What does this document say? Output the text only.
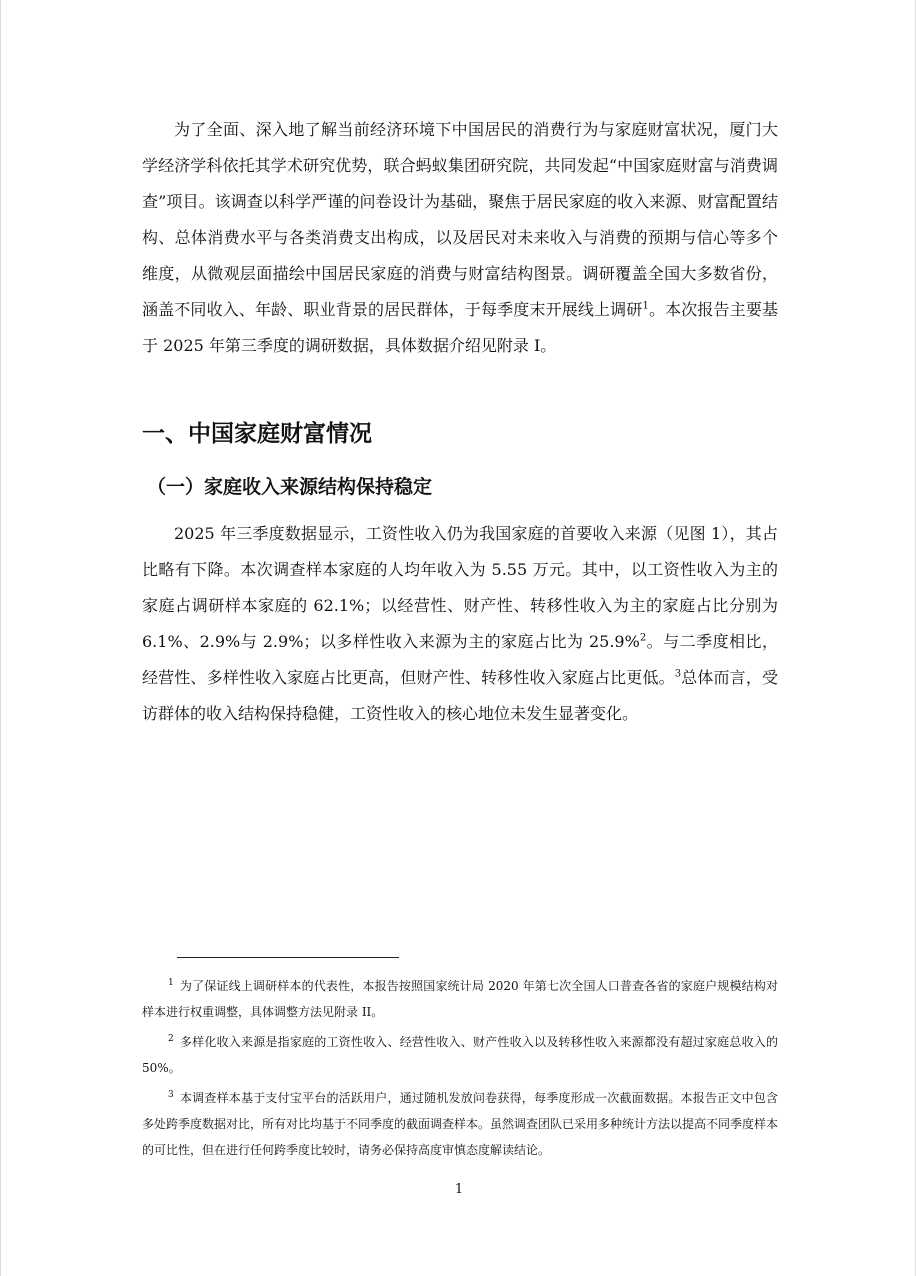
为了全面、深入地了解当前经济环境下中国居民的消费行为与家庭财富状况，厦门大学经济学科依托其学术研究优势，联合蚂蚁集团研究院，共同发起“中国家庭财富与消费调查”项目。该调查以科学严谨的问卷设计为基础，聚焦于居民家庭的收入来源、财富配置结构、总体消费水平与各类消费支出构成，以及居民对未来收入与消费的预期与信心等多个维度，从微观层面描绘中国居民家庭的消费与财富结构图景。调研覆盖全国大多数省份，涵盖不同收入、年龄、职业背景的居民群体，于每季度末开展线上调研$^1$。本次报告主要基于 2025 年第三季度的调研数据，具体数据介绍见附录 I。

一、中国家庭财富情况
（一）家庭收入来源结构保持稳定

2025 年三季度数据显示，工资性收入仍为我国家庭的首要收入来源（见图 1），其占比略有下降。本次调查样本家庭的人均年收入为 5.55 万元。其中，以工资性收入为主的家庭占调研样本家庭的 62.1%；以经营性、财产性、转移性收入为主的家庭占比分别为 6.1%、2.9%与 2.9%；以多样性收入来源为主的家庭占比为 25.9%$^2$。与二季度相比，经营性、多样性收入家庭占比更高，但财产性、转移性收入家庭占比更低。$^3$总体而言，受访群体的收入结构保持稳健，工资性收入的核心地位未发生显著变化。

$^1$ 为了保证线上调研样本的代表性，本报告按照国家统计局 2020 年第七次全国人口普查各省的家庭户规模结构对样本进行权重调整，具体调整方法见附录 II。

$^2$ 多样化收入来源是指家庭的工资性收入、经营性收入、财产性收入以及转移性收入来源都没有超过家庭总收入的 50%。

$^3$ 本调查样本基于支付宝平台的活跃用户，通过随机发放问卷获得，每季度形成一次截面数据。本报告正文中包含多处跨季度数据对比，所有对比均基于不同季度的截面调查样本。虽然调查团队已采用多种统计方法以提高不同季度样本的可比性，但在进行任何跨季度比较时，请务必保持高度审慎态度解读结论。

1
